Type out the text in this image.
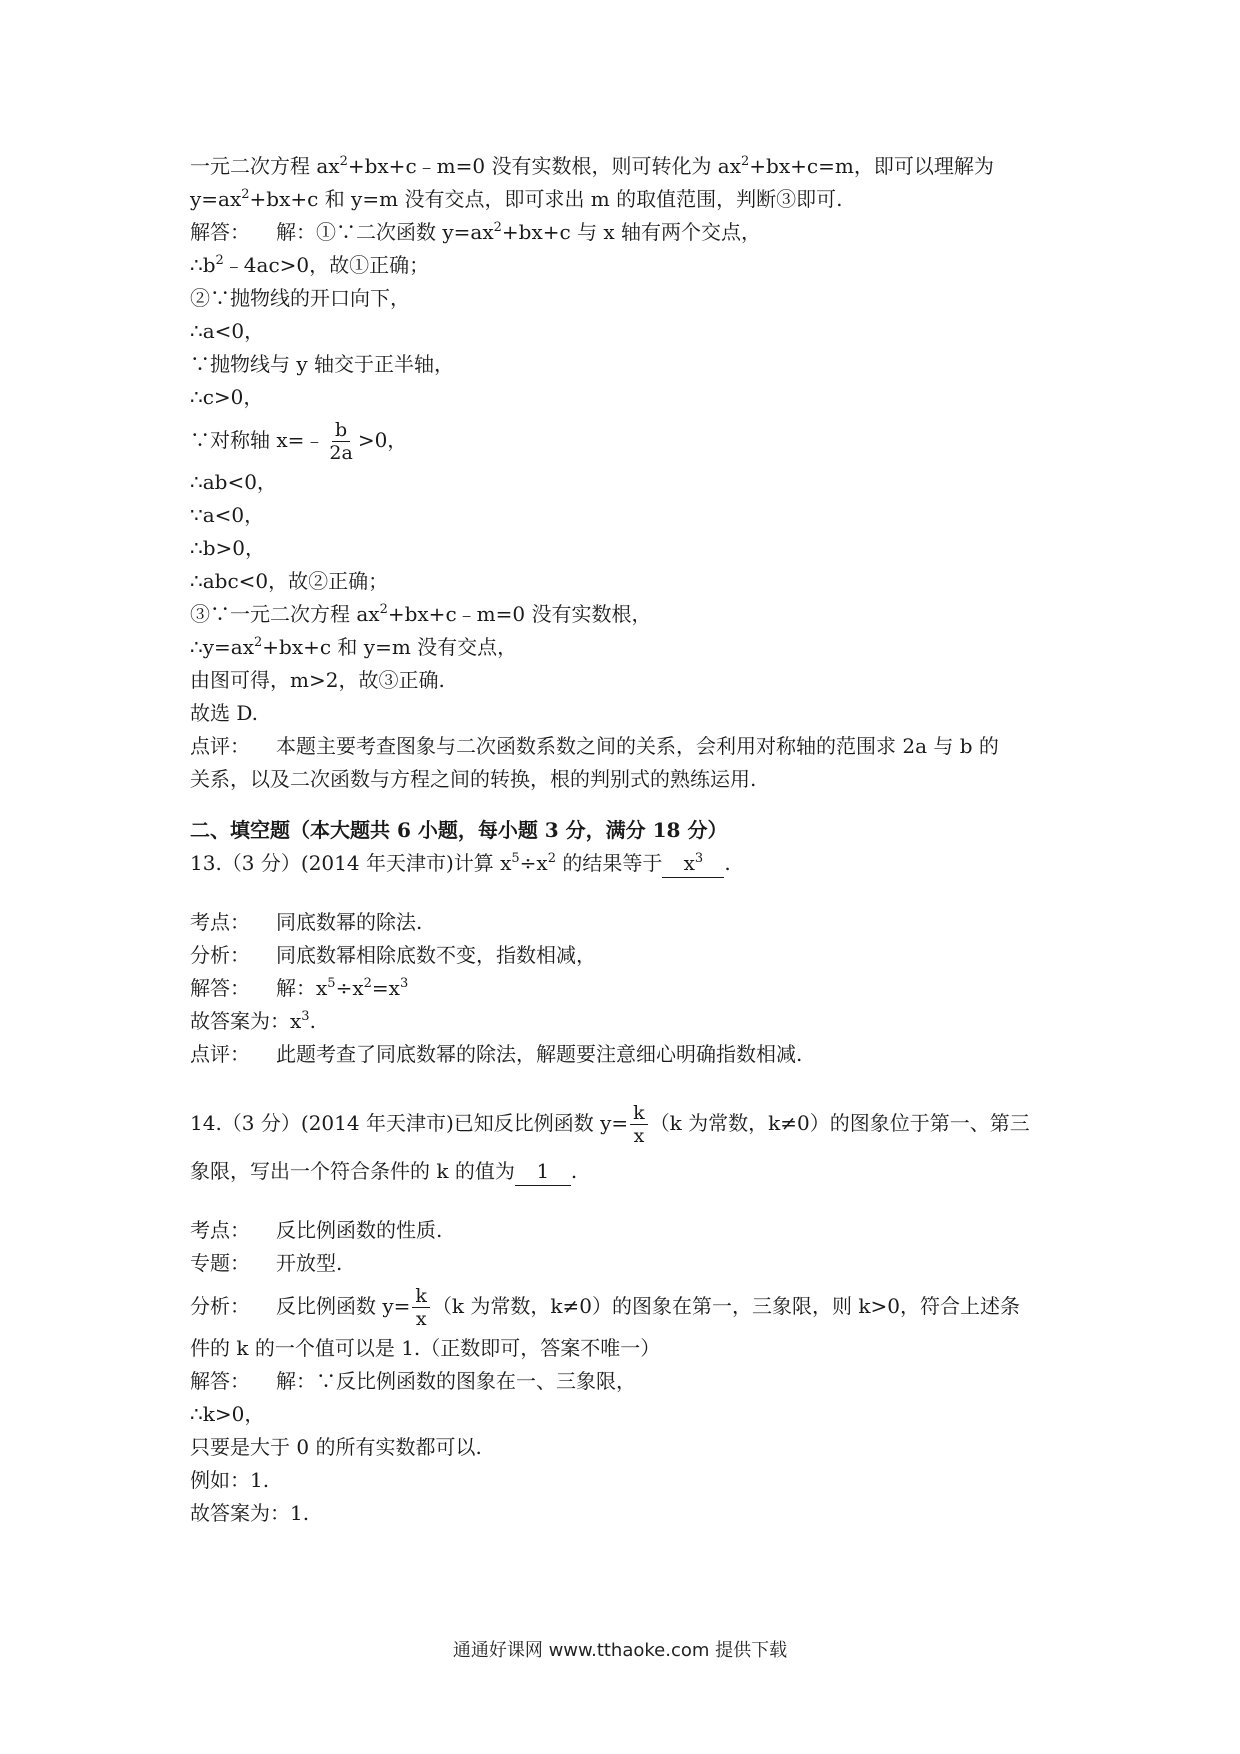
一元二次方程 $ax^2+bx+c﹣m=0$ 没有实数根，则可转化为 $ax^2+bx+c=m$，即可以理解为
$y=ax^2+bx+c$ 和 y=m 没有交点，即可求出 m 的取值范围，判断③即可.
解答： 解：①∵二次函数 $y=ax^2+bx+c$ 与 x 轴有两个交点，
$\therefore b^2﹣4ac>0$，故①正确；
②∵抛物线的开口向下，
∴a<0，
∵抛物线与 y 轴交于正半轴，
∴c>0，
∵对称轴 x=﹣ $\frac{b}{2a} >0$，
∴ab<0，
∵a<0，
∴b>0，
∴abc<0，故②正确；
③∵一元二次方程 $ax^2+bx+c﹣m=0$ 没有实数根，
$\therefore y=ax^2+bx+c$ 和 y=m 没有交点，
由图可得，m>2，故③正确.
故选 D.
点评： 本题主要考查图象与二次函数系数之间的关系，会利用对称轴的范围求 2a 与 b 的
关系，以及二次函数与方程之间的转换，根的判别式的熟练运用.
二、填空题（本大题共 6 小题，每小题 3 分，满分 18 分）
13.（3 分）(2014 年天津市)计算 $x^5\div x^2$ 的结果等于 $x^3$ .
考点： 同底数幂的除法.
分析： 同底数幂相除底数不变，指数相减，
解答： 解：$x^5\div x^2=x^3$
故答案为：$x^3$.
点评： 此题考查了同底数幂的除法，解题要注意细心明确指数相减.
14.（3 分）(2014 年天津市)已知反比例函数 $y= \frac{k}{x} (k$ 为常数，k≠0）的图象位于第一、第三
象限，写出一个符合条件的 k 的值为 1 .
考点： 反比例函数的性质.
专题： 开放型.
分析： 反比例函数 $y= \frac{k}{x} (k$ 为常数，k≠0）的图象在第一，三象限，则 k>0，符合上述条
件的 k 的一个值可以是 1.（正数即可，答案不唯一）
解答： 解：∵反比例函数的图象在一、三象限，
∴k>0，
只要是大于 0 的所有实数都可以.
例如：1.
故答案为：1.
通通好课网 www.tthaoke.com 提供下载
